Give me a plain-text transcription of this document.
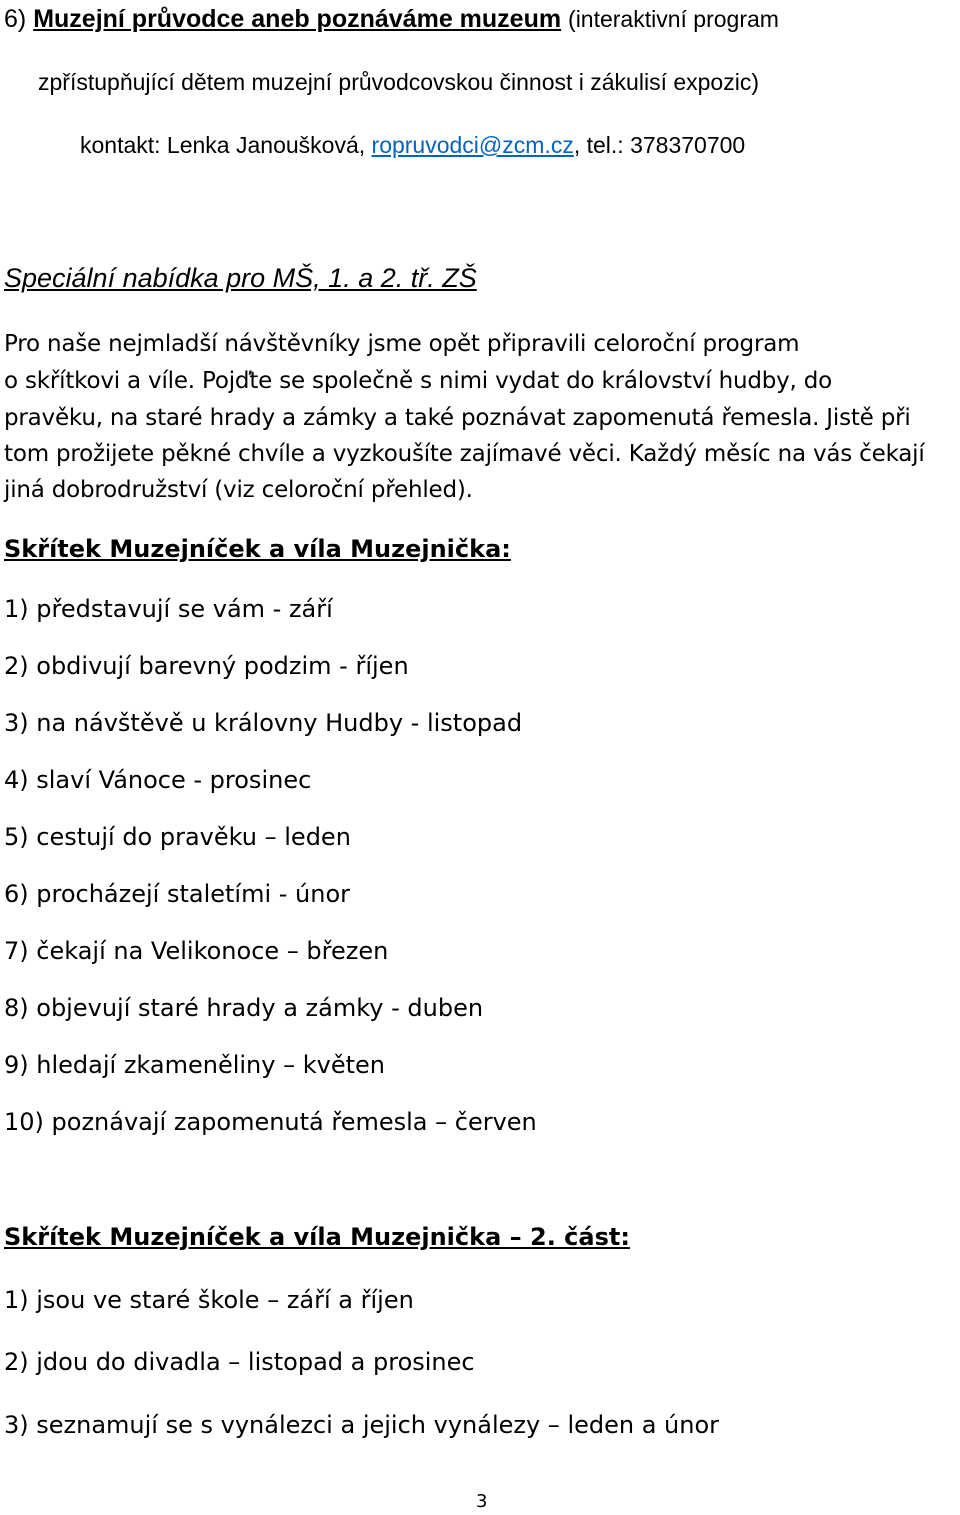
6) Muzejní průvodce aneb poznáváme muzeum (interaktivní program
zpřístupňující dětem muzejní průvodcovskou činnost i zákulisí expozic)
kontakt: Lenka Janoušková, ropruvodci@zcm.cz, tel.: 378370700
Speciální nabídka pro MŠ, 1. a 2. tř. ZŠ
Pro naše nejmladší návštěvníky jsme opět připravili celoroční program
o skřítkovi a víle. Pojďte se společně s nimi vydat do království hudby, do
pravěku, na staré hrady a zámky a také poznávat zapomenutá řemesla. Jistě při
tom prožijete pěkné chvíle a vyzkoušíte zajímavé věci. Každý měsíc na vás čekají
jiná dobrodružství (viz celoroční přehled).
Skřítek Muzejníček a víla Muzejnička:
1) představují se vám - září
2) obdivují barevný podzim - říjen
3) na návštěvě u královny Hudby - listopad
4) slaví Vánoce - prosinec
5) cestují do pravěku – leden
6) procházejí staletími - únor
7) čekají na Velikonoce – březen
8) objevují staré hrady a zámky - duben
9) hledají zkameněliny – květen
10) poznávají zapomenutá řemesla – červen
Skřítek Muzejníček a víla Muzejnička – 2. část:
1) jsou ve staré škole – září a říjen
2) jdou do divadla – listopad a prosinec
3) seznamují se s vynálezci a jejich vynálezy – leden a únor
3
